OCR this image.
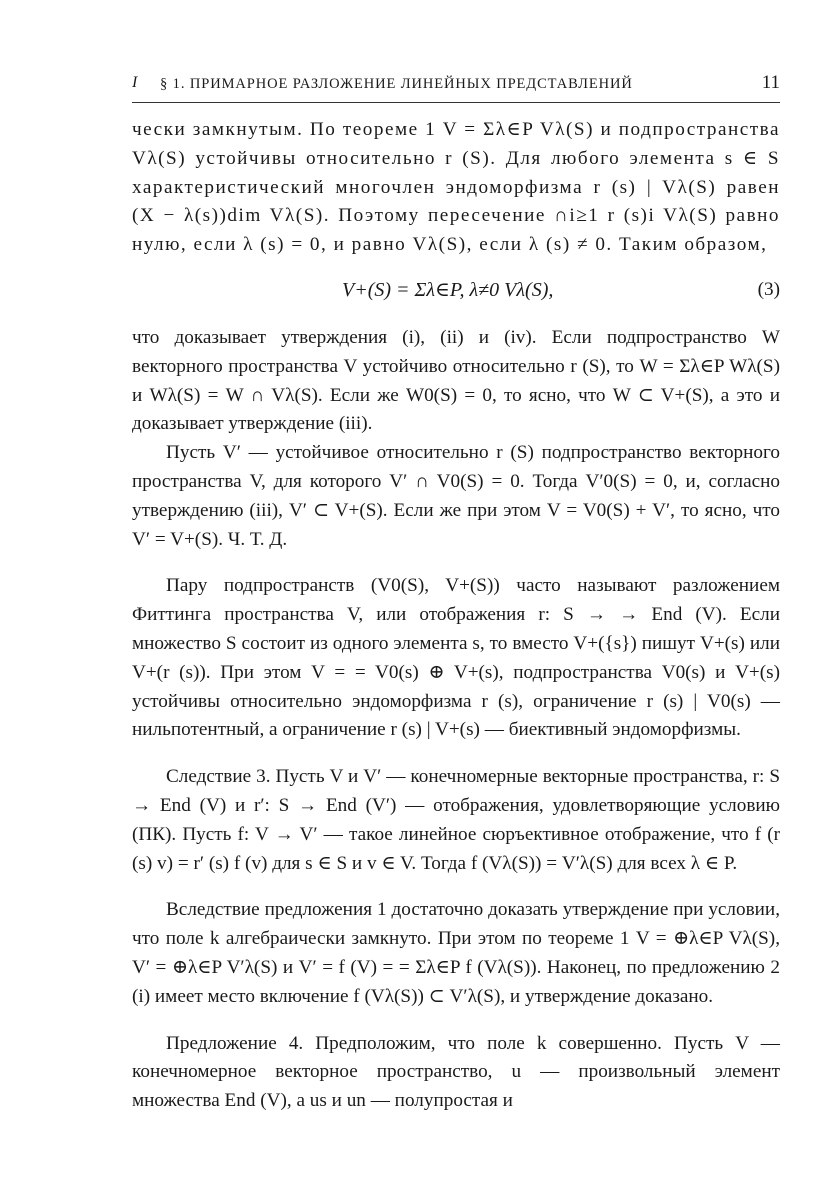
I § 1. ПРИМАРНОЕ РАЗЛОЖЕНИЕ ЛИНЕЙНЫХ ПРЕДСТАВЛЕНИЙ	11

чески замкнутым. По теореме 1 V = Σλ∈P Vλ(S) и подпространства Vλ(S) устойчивы относительно r (S). Для любого элемента s ∈ S характеристический многочлен эндоморфизма r (s) | Vλ(S) равен (X − λ(s))dim Vλ(S). Поэтому пересечение ∩i≥1 r (s)i Vλ(S) равно нулю, если λ (s) = 0, и равно Vλ(S), если λ (s) ≠ 0. Таким образом,

V+(S) = Σλ∈P, λ≠0 Vλ(S),	(3)

что доказывает утверждения (i), (ii) и (iv). Если подпространство W векторного пространства V устойчиво относительно r (S), то W = Σλ∈P Wλ(S) и Wλ(S) = W ∩ Vλ(S). Если же W0(S) = 0, то ясно, что W ⊂ V+(S), а это и доказывает утверждение (iii).

Пусть V′ — устойчивое относительно r (S) подпространство векторного пространства V, для которого V′ ∩ V0(S) = 0. Тогда V′0(S) = 0, и, согласно утверждению (iii), V′ ⊂ V+(S). Если же при этом V = V0(S) + V′, то ясно, что V′ = V+(S). Ч. Т. Д.

Пару подпространств (V0(S), V+(S)) часто называют разложением Фиттинга пространства V, или отображения r: S → → End (V). Если множество S состоит из одного элемента s, то вместо V+({s}) пишут V+(s) или V+(r (s)). При этом V = = V0(s) ⊕ V+(s), подпространства V0(s) и V+(s) устойчивы относительно эндоморфизма r (s), ограничение r (s) | V0(s) — нильпотентный, а ограничение r (s) | V+(s) — биективный эндоморфизмы.

Следствие 3. Пусть V и V′ — конечномерные векторные пространства, r: S → End (V) и r′: S → End (V′) — отображения, удовлетворяющие условию (ПК). Пусть f: V → V′ — такое линейное сюръективное отображение, что f (r (s) v) = r′ (s) f (v) для s ∈ S и v ∈ V. Тогда f (Vλ(S)) = V′λ(S) для всех λ ∈ P.

Вследствие предложения 1 достаточно доказать утверждение при условии, что поле k алгебраически замкнуто. При этом по теореме 1 V = ⊕λ∈P Vλ(S), V′ = ⊕λ∈P V′λ(S) и V′ = f (V) = = Σλ∈P f (Vλ(S)). Наконец, по предложению 2 (i) имеет место включение f (Vλ(S)) ⊂ V′λ(S), и утверждение доказано.

Предложение 4. Предположим, что поле k совершенно. Пусть V — конечномерное векторное пространство, u — произвольный элемент множества End (V), а us и un — полупростая и
